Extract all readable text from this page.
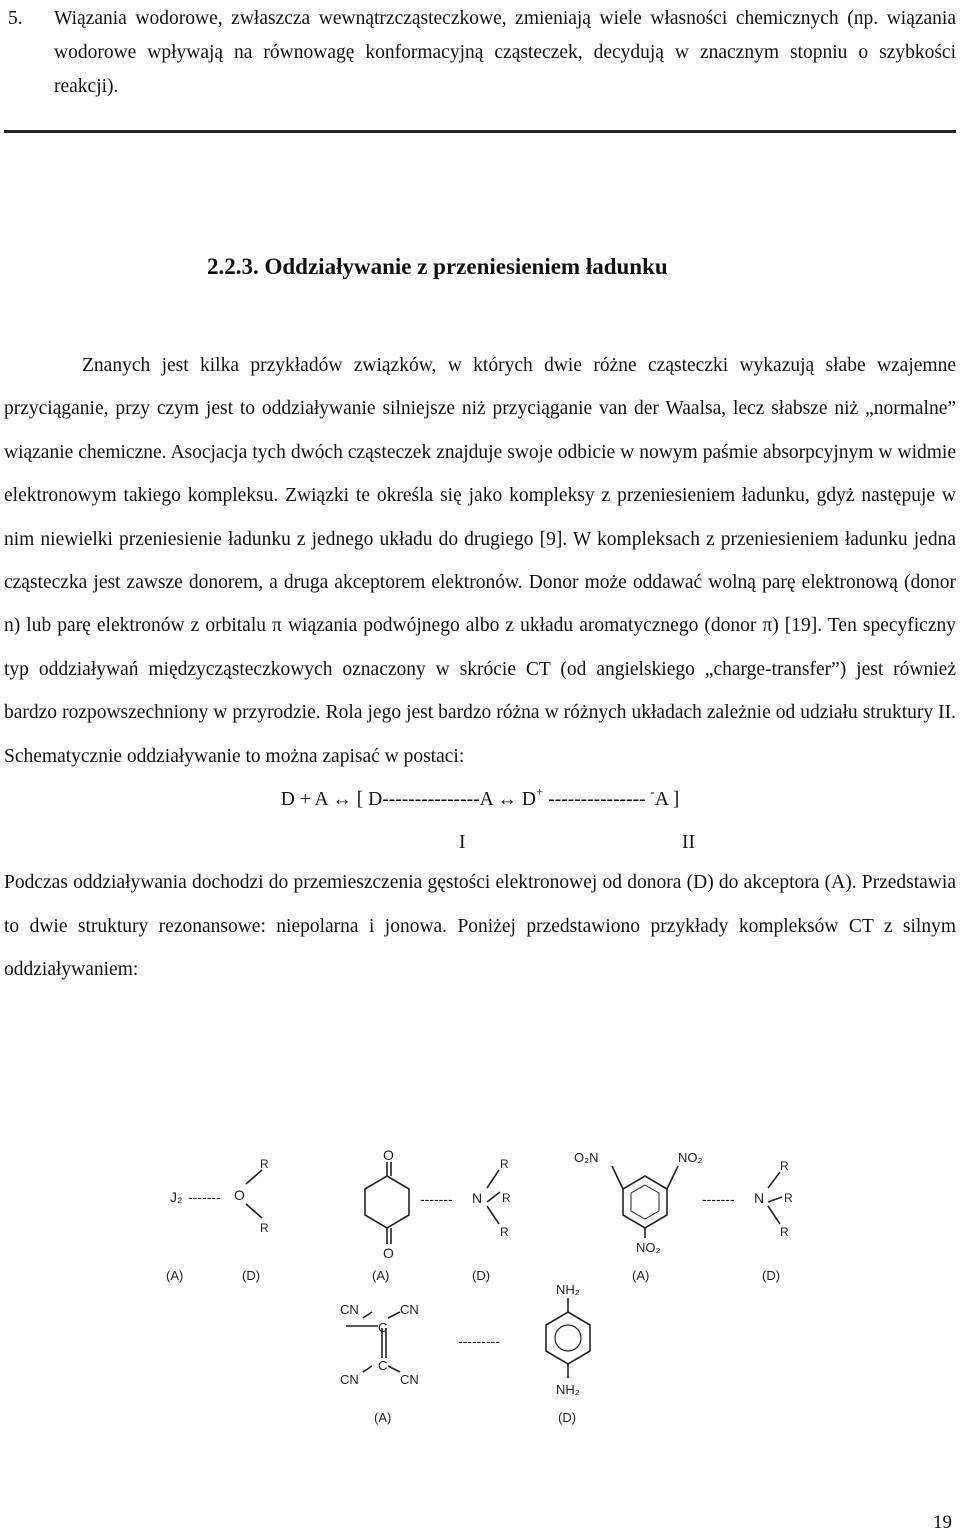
5. Wiązania wodorowe, zwłaszcza wewnątrzcząsteczkowe, zmieniają wiele własności chemicznych (np. wiązania wodorowe wpływają na równowagę konformacyjną cząsteczek, decydują w znacznym stopniu o szybkości reakcji).
2.2.3. Oddziaływanie z przeniesieniem ładunku

Znanych jest kilka przykładów związków, w których dwie różne cząsteczki wykazują słabe wzajemne przyciąganie, przy czym jest to oddziaływanie silniejsze niż przyciąganie van der Waalsa, lecz słabsze niż „normalne” wiązanie chemiczne. Asocjacja tych dwóch cząsteczek znajduje swoje odbicie w nowym paśmie absorpcyjnym w widmie elektronowym takiego kompleksu. Związki te określa się jako kompleksy z przeniesieniem ładunku, gdyż następuje w nim niewielki przeniesienie ładunku z jednego układu do drugiego [9]. W kompleksach z przeniesieniem ładunku jedna cząsteczka jest zawsze donorem, a druga akceptorem elektronów. Donor może oddawać wolną parę elektronową (donor n) lub parę elektronów z orbitalu π wiązania podwójnego albo z układu aromatycznego (donor π) [19]. Ten specyficzny typ oddziaływań międzycząsteczkowych oznaczony w skrócie CT (od angielskiego „charge-transfer”) jest również bardzo rozpowszechniony w przyrodzie. Rola jego jest bardzo różna w różnych układach zależnie od udziału struktury II. Schematycznie oddziaływanie to można zapisać w postaci:

D + A ↔ [ D---------------A ↔ D+ --------------- -A ]

I	II

Podczas oddziaływania dochodzi do przemieszczenia gęstości elektronowej od donora (D) do akceptora (A). Przedstawia to dwie struktury rezonansowe: niepolarna i jonowa. Poniżej przedstawiono przykłady kompleksów CT z silnym oddziaływaniem:

J₂ ------- O
R
R
(A)	(D)
O
O
------- N
R
R
R
(A)	(D)
O₂N	NO₂
NO₂
------- N
R
R
R
(A)	(D)
CN	CN
C
C
CN	CN
---------
NH₂
NH₂
(A)	(D)
19
